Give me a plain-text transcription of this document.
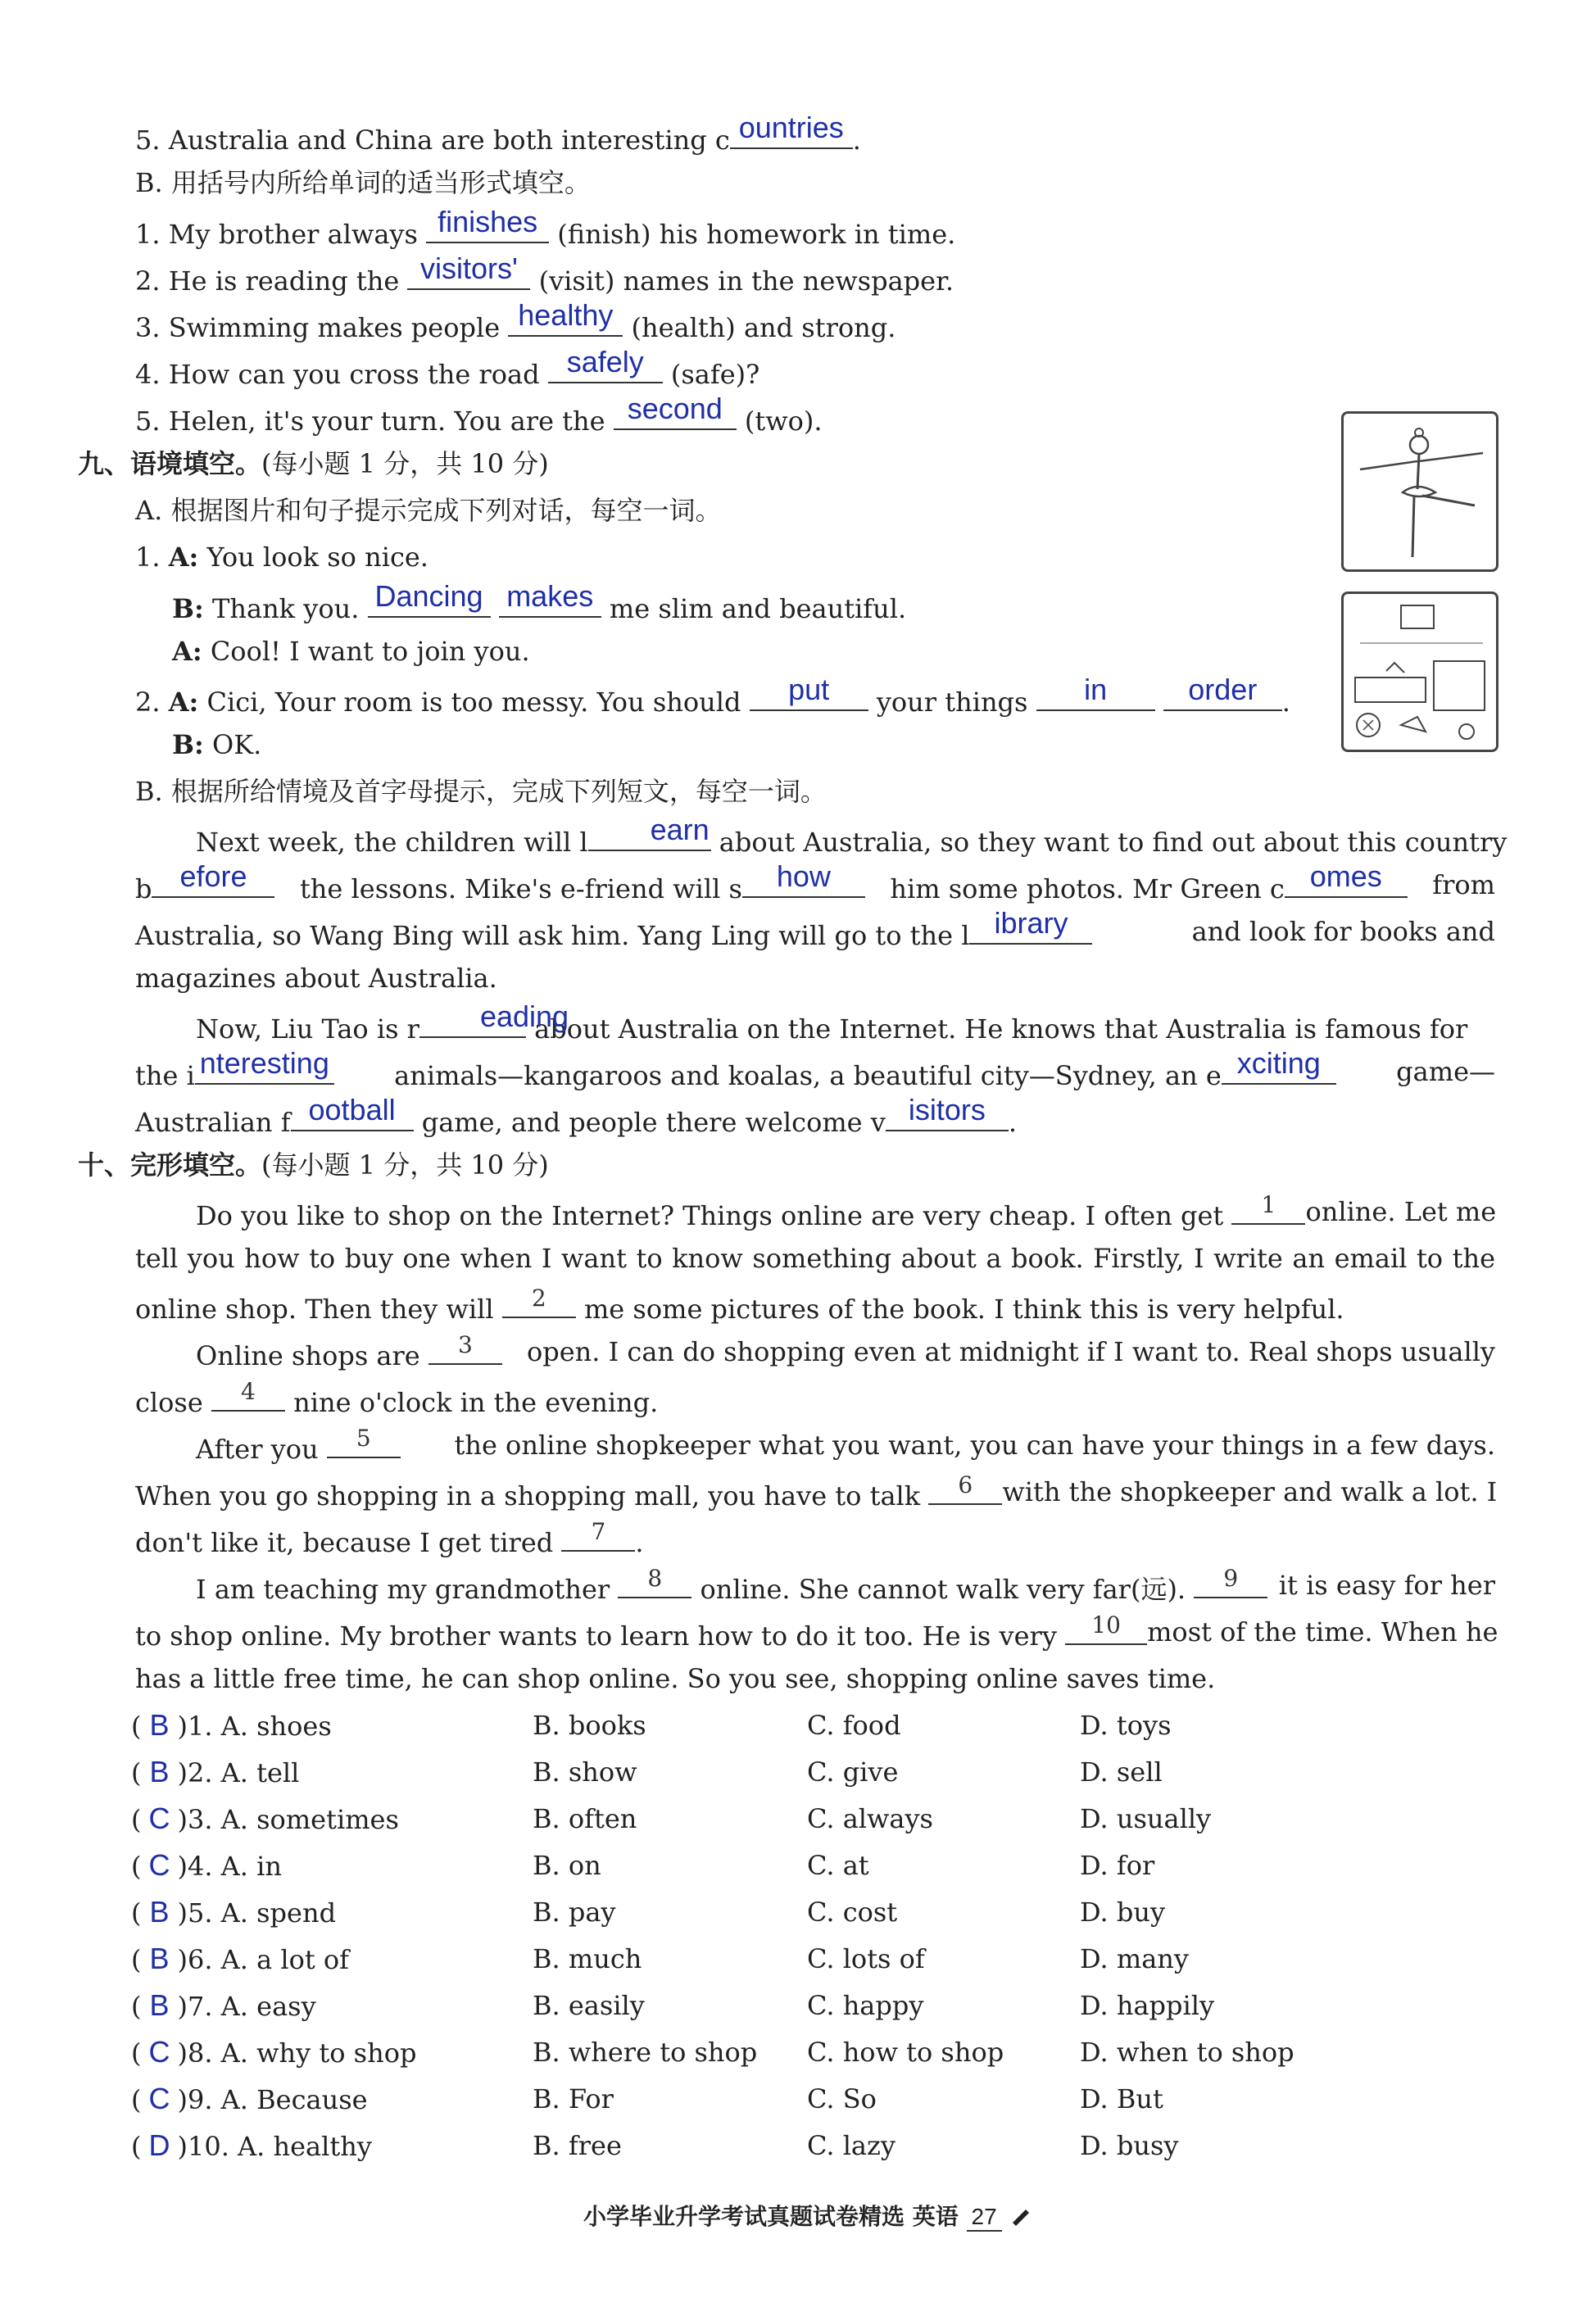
5. Australia and China are both interesting c ountries .
B. 用括号内所给单词的适当形式填空。
1. My brother always finishes (finish) his homework in time.
2. He is reading the visitors' (visit) names in the newspaper.
3. Swimming makes people healthy (health) and strong.
4. How can you cross the road safely	(safe)?
5. Helen, it's your turn. You are the second (two).
九、语境填空。(每小题 1 分，共 10 分)
A. 根据图片和句子提示完成下列对话，每空一词。
1. A: You look so nice.
B: Thank you. Dancing
makes me slim and beautiful.
A: Cool! I want to join you.
2. A: Cici, Your room is too messy. You should	put	your things	in
	order .
B: OK.
B. 根据所给情境及首字母提示，完成下列短文，每空一词。
Next week, the children will l	earn about Australia, so they want to find out about this country
b efore	the lessons. Mike's e-friend will s	how	him some photos. Mr Green c omes	from
Australia, so Wang Bing will ask him. Yang Ling will go to the l ibrary	and look for books and
magazines about Australia.
Now, Liu Tao is r	eading
about Australia on the Internet. He knows that Australia is famous for
the i nteresting animals—kangaroos and koalas, a beautiful city—Sydney, an e xciting	game—
Australian f ootball	game, and people there welcome v isitors .
十、完形填空。(每小题 1 分，共 10 分)
Do you like to shop on the Internet? Things online are very cheap. I often get	1	online. Let me
tell you how to buy one when I want to know something about a book. Firstly, I write an email to the
online shop. Then they will	2	me some pictures of the book. I think this is very helpful.
Online shops are	3	open. I can do shopping even at midnight if I want to. Real shops usually
close	4	nine o'clock in the evening.
After you	5	the online shopkeeper what you want, you can have your things in a few days.
When you go shopping in a shopping mall, you have to talk	6	with the shopkeeper and walk a lot. I
don't like it, because I get tired	7	.
I am teaching my grandmother	8	online. She cannot walk very far(远).	9	it is easy for her
to shop online. My brother wants to learn how to do it too. He is very	10	most of the time. When he
has a little free time, he can shop online. So you see, shopping online saves time.
( B )1. A. shoes	B. books	C. food	D. toys
( B )2. A. tell	B. show	C. give	D. sell
( C )3. A. sometimes	B. often	C. always	D. usually
( C )4. A. in	B. on	C. at	D. for
( B )5. A. spend	B. pay	C. cost	D. buy
( B )6. A. a lot of	B. much	C. lots of	D. many
( B )7. A. easy	B. easily	C. happy	D. happily
( C )8. A. why to shop	B. where to shop C. how to shop	D. when to shop
( C )9. A. Because	B. For	C. So	D. But
( D )10. A. healthy	B. free	C. lazy	D. busy
小学毕业升学考试真题试卷精选 英语 27
